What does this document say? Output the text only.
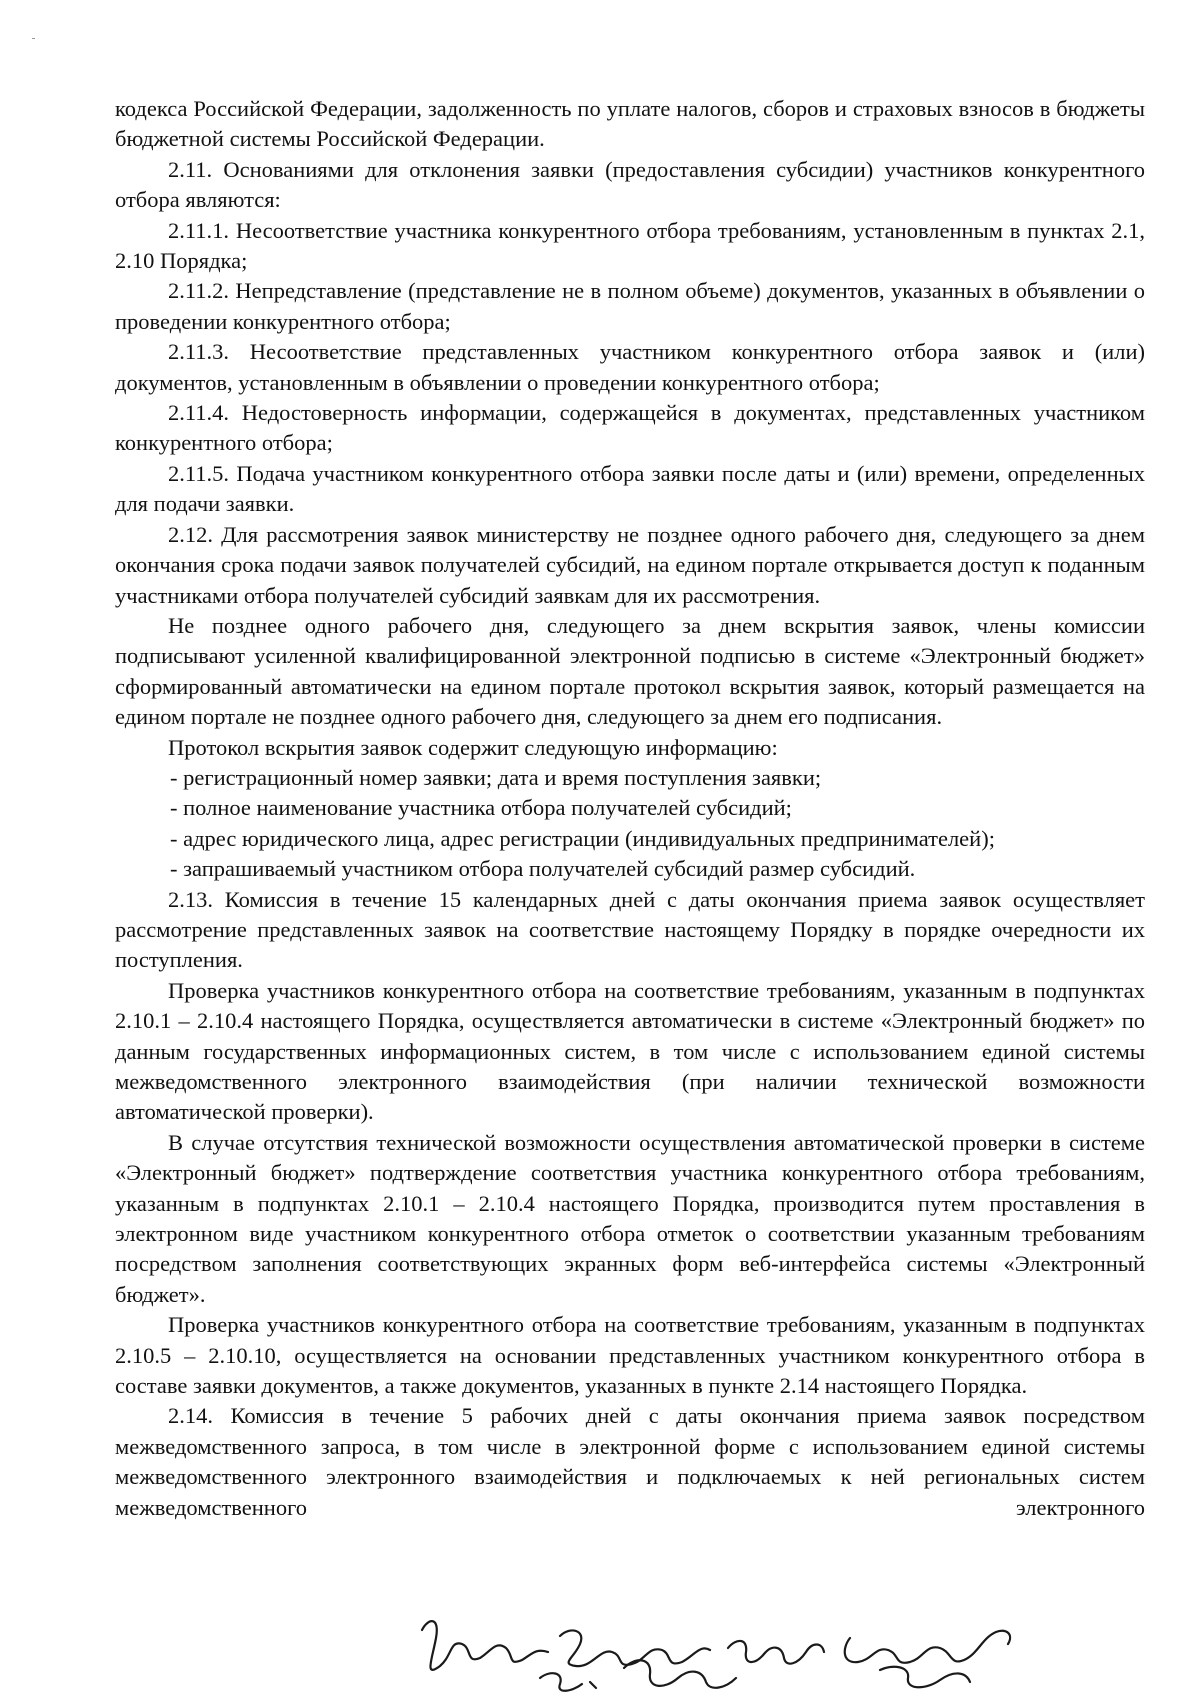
кодекса Российской Федерации, задолженность по уплате налогов, сборов и страховых взносов в бюджеты бюджетной системы Российской Федерации.

2.11. Основаниями для отклонения заявки (предоставления субсидии) участников конкурентного отбора являются:

2.11.1. Несоответствие участника конкурентного отбора требованиям, установленным в пунктах 2.1, 2.10 Порядка;

2.11.2. Непредставление (представление не в полном объеме) документов, указанных в объявлении о проведении конкурентного отбора;

2.11.3. Несоответствие представленных участником конкурентного отбора заявок и (или) документов, установленным в объявлении о проведении конкурентного отбора;

2.11.4. Недостоверность информации, содержащейся в документах, представленных участником конкурентного отбора;

2.11.5. Подача участником конкурентного отбора заявки после даты и (или) времени, определенных для подачи заявки.

2.12. Для рассмотрения заявок министерству не позднее одного рабочего дня, следующего за днем окончания срока подачи заявок получателей субсидий, на едином портале открывается доступ к поданным участниками отбора получателей субсидий заявкам для их рассмотрения.

Не позднее одного рабочего дня, следующего за днем вскрытия заявок, члены комиссии подписывают усиленной квалифицированной электронной подписью в системе «Электронный бюджет» сформированный автоматически на едином портале протокол вскрытия заявок, который размещается на едином портале не позднее одного рабочего дня, следующего за днем его подписания.

Протокол вскрытия заявок содержит следующую информацию:

- регистрационный номер заявки; дата и время поступления заявки;

- полное наименование участника отбора получателей субсидий;

- адрес юридического лица, адрес регистрации (индивидуальных предпринимателей);

- запрашиваемый участником отбора получателей субсидий размер субсидий.

2.13. Комиссия в течение 15 календарных дней с даты окончания приема заявок осуществляет рассмотрение представленных заявок на соответствие настоящему Порядку в порядке очередности их поступления.

Проверка участников конкурентного отбора на соответствие требованиям, указанным в подпунктах 2.10.1 – 2.10.4 настоящего Порядка, осуществляется автоматически в системе «Электронный бюджет» по данным государственных информационных систем, в том числе с использованием единой системы межведомственного электронного взаимодействия (при наличии технической возможности автоматической проверки).

В случае отсутствия технической возможности осуществления автоматической проверки в системе «Электронный бюджет» подтверждение соответствия участника конкурентного отбора требованиям, указанным в подпунктах 2.10.1 – 2.10.4 настоящего Порядка, производится путем проставления в электронном виде участником конкурентного отбора отметок о соответствии указанным требованиям посредством заполнения соответствующих экранных форм веб-интерфейса системы «Электронный бюджет».

Проверка участников конкурентного отбора на соответствие требованиям, указанным в подпунктах 2.10.5 – 2.10.10, осуществляется на основании представленных участником конкурентного отбора в составе заявки документов, а также документов, указанных в пункте 2.14 настоящего Порядка.

2.14. Комиссия в течение 5 рабочих дней с даты окончания приема заявок посредством межведомственного запроса, в том числе в электронной форме с использованием единой системы межведомственного электронного взаимодействия и подключаемых к ней региональных систем межведомственного электронного
